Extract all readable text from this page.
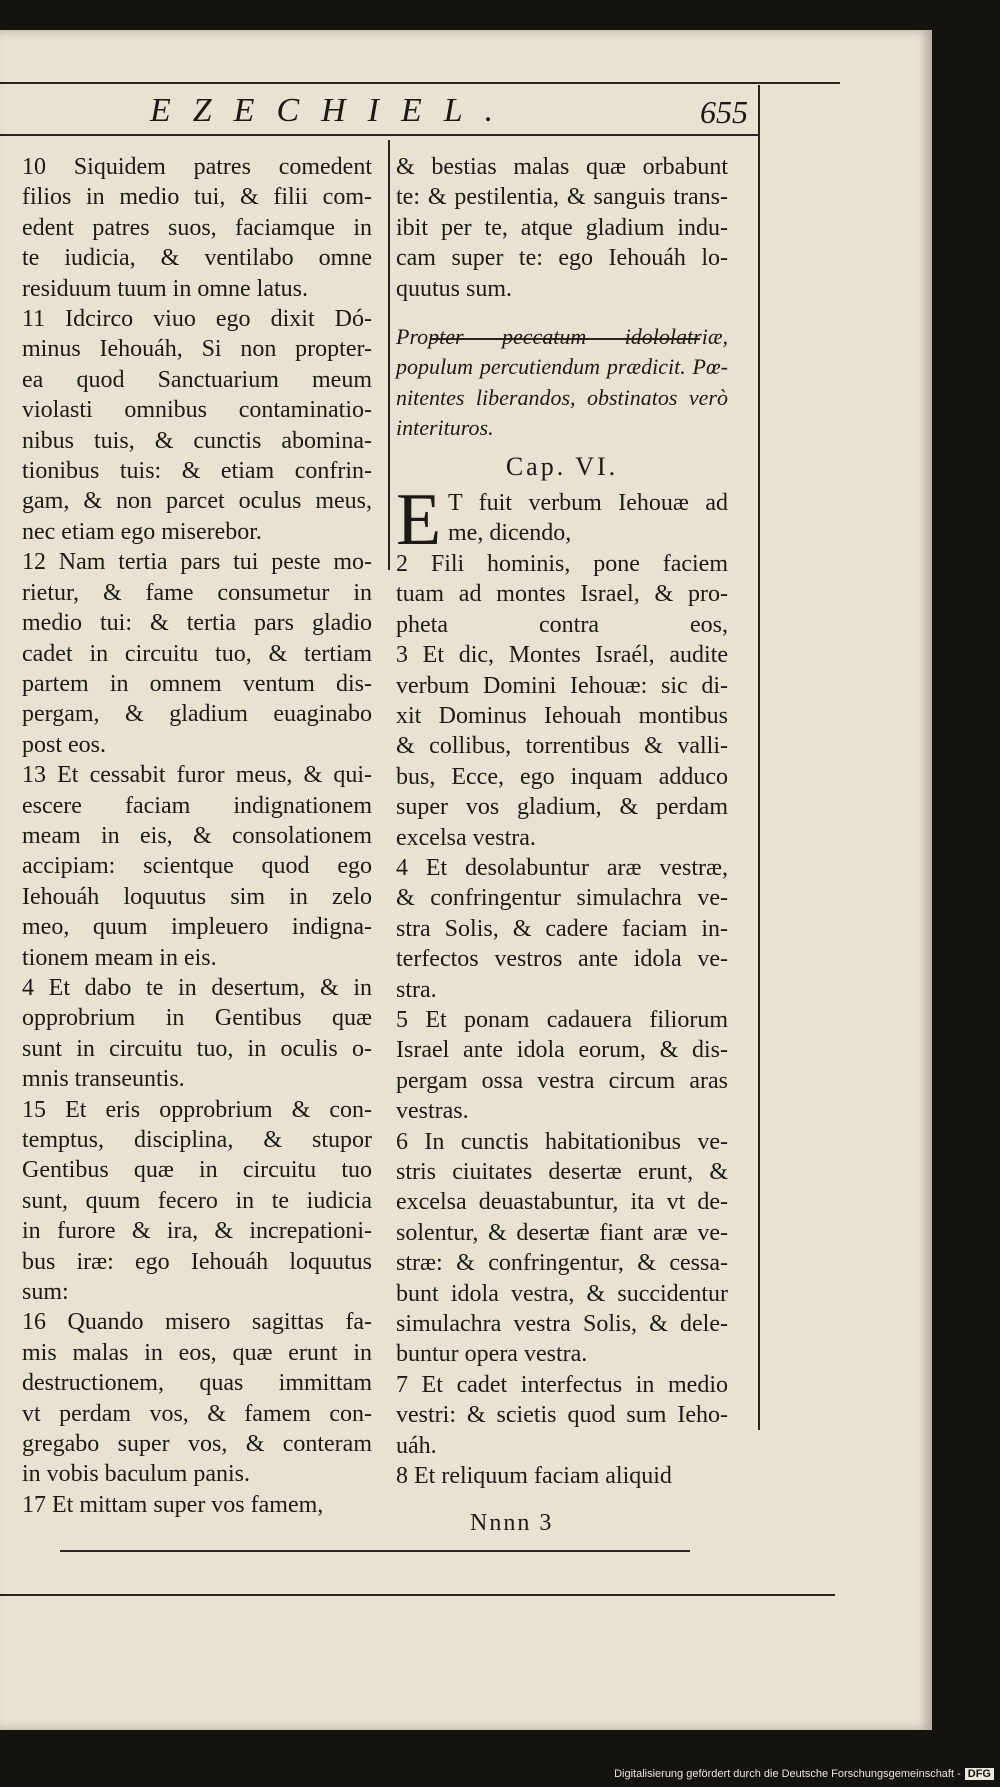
EZECHIEL.	655
10 Siquidem patres comedent
filios in medio tui, & filii com-
edent patres suos, faciamque in
te iudicia, & ventilabo omne
residuum tuum in omne latus.
11 Idcirco viuo ego dixit Dó-
minus Iehouáh, Si non propter-
ea quod Sanctuarium meum
violasti omnibus contaminatio-
nibus tuis, & cunctis abomina-
tionibus tuis: & etiam confrin-
gam, & non parcet oculus meus,
nec etiam ego miserebor.
12 Nam tertia pars tui peste mo-
rietur, & fame consumetur in
medio tui: & tertia pars gladio
cadet in circuitu tuo, & tertiam
partem in omnem ventum dis-
pergam, & gladium euaginabo
post eos.
13 Et cessabit furor meus, & qui-
escere faciam indignationem
meam in eis, & consolationem
accipiam: scientque quod ego
Iehouáh loquutus sim in zelo
meo, quum impleuero indigna-
tionem meam in eis.
4 Et dabo te in desertum, & in
opprobrium in Gentibus quæ
sunt in circuitu tuo, in oculis o-
mnis transeuntis.
15 Et eris opprobrium & con-
temptus, disciplina, & stupor
Gentibus quæ in circuitu tuo
sunt, quum fecero in te iudicia
in furore & ira, & increpationi-
bus iræ: ego Iehouáh loquutus
sum:
16 Quando misero sagittas fa-
mis malas in eos, quæ erunt in
destructionem, quas immittam
vt perdam vos, & famem con-
gregabo super vos, & conteram
in vobis baculum panis.
17 Et mittam super vos famem,
& bestias malas quæ orbabunt
te: & pestilentia, & sanguis trans-
ibit per te, atque gladium indu-
cam super te: ego Iehouáh lo-
quutus sum.
Propter peccatum idololatriæ,
populum percutiendum prædicit. Pœ-
nitentes liberandos, obstinatos verò
interituros.
Cap. VI.
E T fuit verbum Iehouæ ad
me, dicendo,
2 Fili hominis, pone faciem
tuam ad montes Israel, & pro-
pheta contra eos,
3 Et dic, Montes Israél, audite
verbum Domini Iehouæ: sic di-
xit Dominus Iehouah montibus
& collibus, torrentibus & valli-
bus, Ecce, ego inquam adduco
super vos gladium, & perdam
excelsa vestra.
4 Et desolabuntur aræ vestræ,
& confringentur simulachra ve-
stra Solis, & cadere faciam in-
terfectos vestros ante idola ve-
stra.
5 Et ponam cadauera filiorum
Israel ante idola eorum, & dis-
pergam ossa vestra circum aras
vestras.
6 In cunctis habitationibus ve-
stris ciuitates desertæ erunt, &
excelsa deuastabuntur, ita vt de-
solentur, & desertæ fiant aræ ve-
stræ: & confringentur, & cessa-
bunt idola vestra, & succidentur
simulachra vestra Solis, & dele-
buntur opera vestra.
7 Et cadet interfectus in medio
vestri: & scietis quod sum Ieho-
uáh.
8 Et reliquum faciam aliquid
Nnnn 3
Digitalisierung gefördert durch die Deutsche Forschungsgemeinschaft - DFG
